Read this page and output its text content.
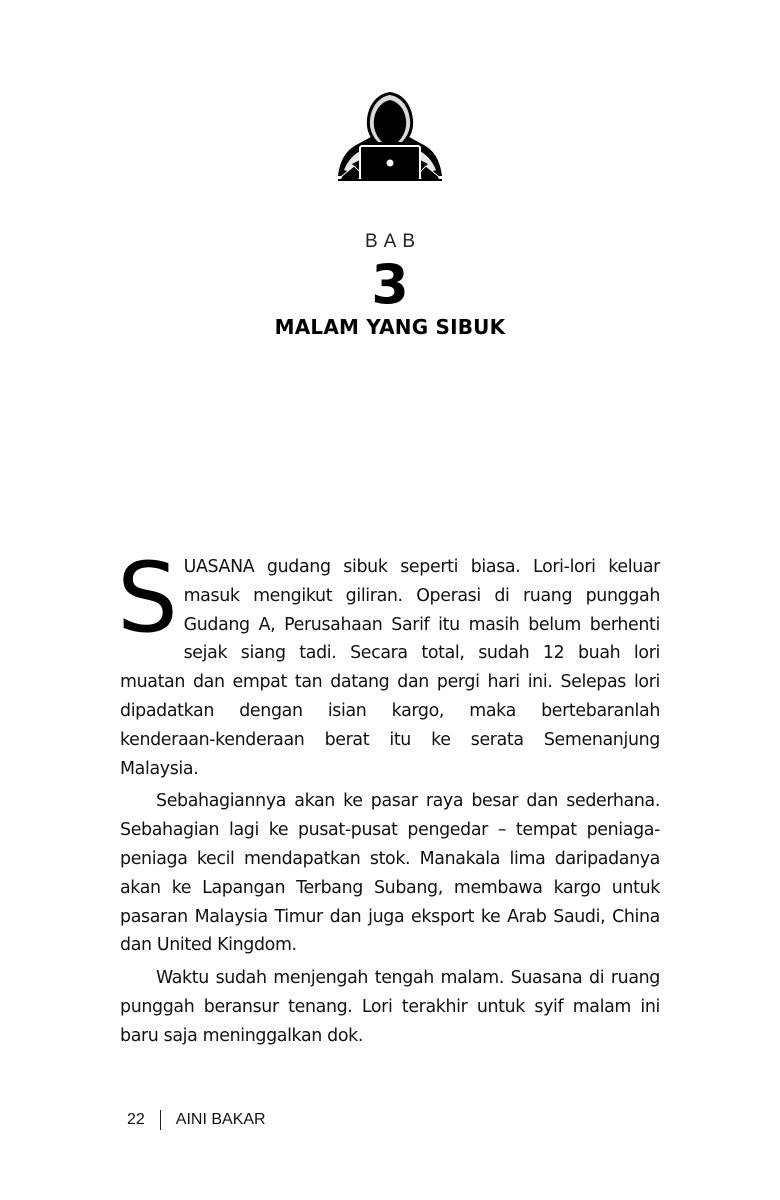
BAB
3
MALAM YANG SIBUK

SUASANA gudang sibuk seperti biasa. Lori-lori keluar masuk mengikut giliran. Operasi di ruang punggah Gudang A, Perusahaan Sarif itu masih belum berhenti sejak siang tadi. Secara total, sudah 12 buah lori muatan dan empat tan datang dan pergi hari ini. Selepas lori dipadatkan dengan isian kargo, maka bertebaranlah kenderaan-kenderaan berat itu ke serata Semenanjung Malaysia.

Sebahagiannya akan ke pasar raya besar dan sederhana. Sebahagian lagi ke pusat-pusat pengedar – tempat peniaga-peniaga kecil mendapatkan stok. Manakala lima daripadanya akan ke Lapangan Terbang Subang, membawa kargo untuk pasaran Malaysia Timur dan juga eksport ke Arab Saudi, China dan United Kingdom.

Waktu sudah menjengah tengah malam. Suasana di ruang punggah beransur tenang. Lori terakhir untuk syif malam ini baru saja meninggalkan dok.

22 AINI BAKAR
